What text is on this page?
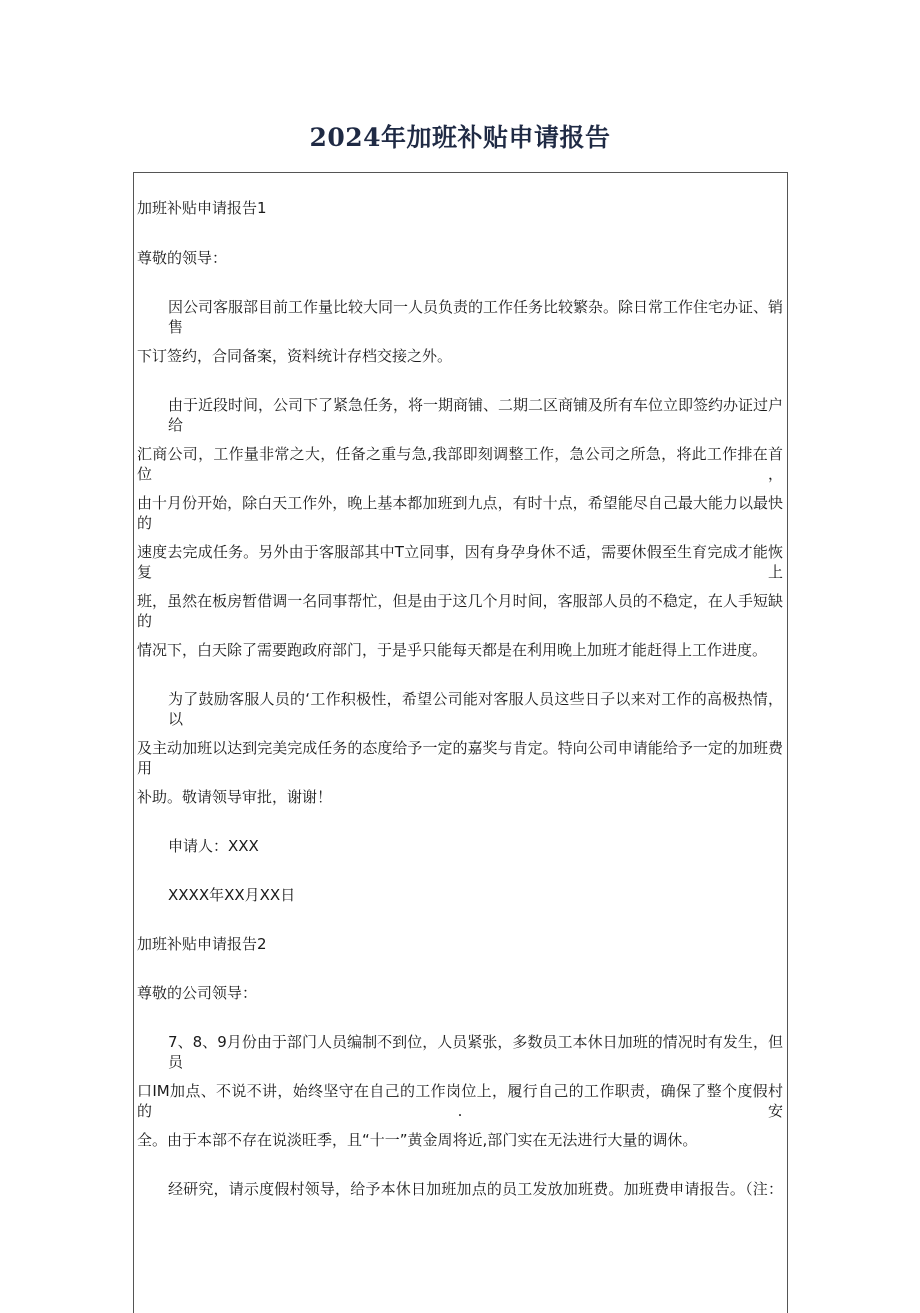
2024年加班补贴申请报告
加班补贴申请报告1
尊敬的领导：
因公司客服部目前工作量比较大同一人员负责的工作任务比较繁杂。除日常工作住宅办证、销售
下订签约，合同备案，资料统计存档交接之外。
由于近段时间，公司下了紧急任务，将一期商铺、二期二区商铺及所有车位立即签约办证过户给
汇商公司，工作量非常之大，任备之重与急,我部即刻调整工作，急公司之所急，将此工作排在首位，
由十月份开始，除白天工作外，晚上基本都加班到九点，有时十点，希望能尽自己最大能力以最快的
速度去完成任务。另外由于客服部其中T立同事，因有身孕身休不适，需要休假至生育完成才能恢复上
班，虽然在板房暂借调一名同事帮忙，但是由于这几个月时间，客服部人员的不稳定，在人手短缺的
情况下，白天除了需要跑政府部门，于是乎只能每天都是在利用晚上加班才能赶得上工作进度。
为了鼓励客服人员的‘工作积极性，希望公司能对客服人员这些日子以来对工作的高极热情，以
及主动加班以达到完美完成任务的态度给予一定的嘉奖与肯定。特向公司申请能给予一定的加班费用
补助。敬请领导审批，谢谢！
申请人：XXX
XXXX年XX月XX日
加班补贴申请报告2
尊敬的公司领导：
7、8、9月份由于部门人员编制不到位，人员紧张，多数员工本休日加班的情况时有发生，但员
口IM加点、不说不讲，始终坚守在自己的工作岗位上，履行自己的工作职责，确保了整个度假村的.安
全。由于本部不存在说淡旺季，且“十一”黄金周将近,部门实在无法进行大量的调休。
经研究，请示度假村领导，给予本休日加班加点的员工发放加班费。加班费申请报告。（注：
